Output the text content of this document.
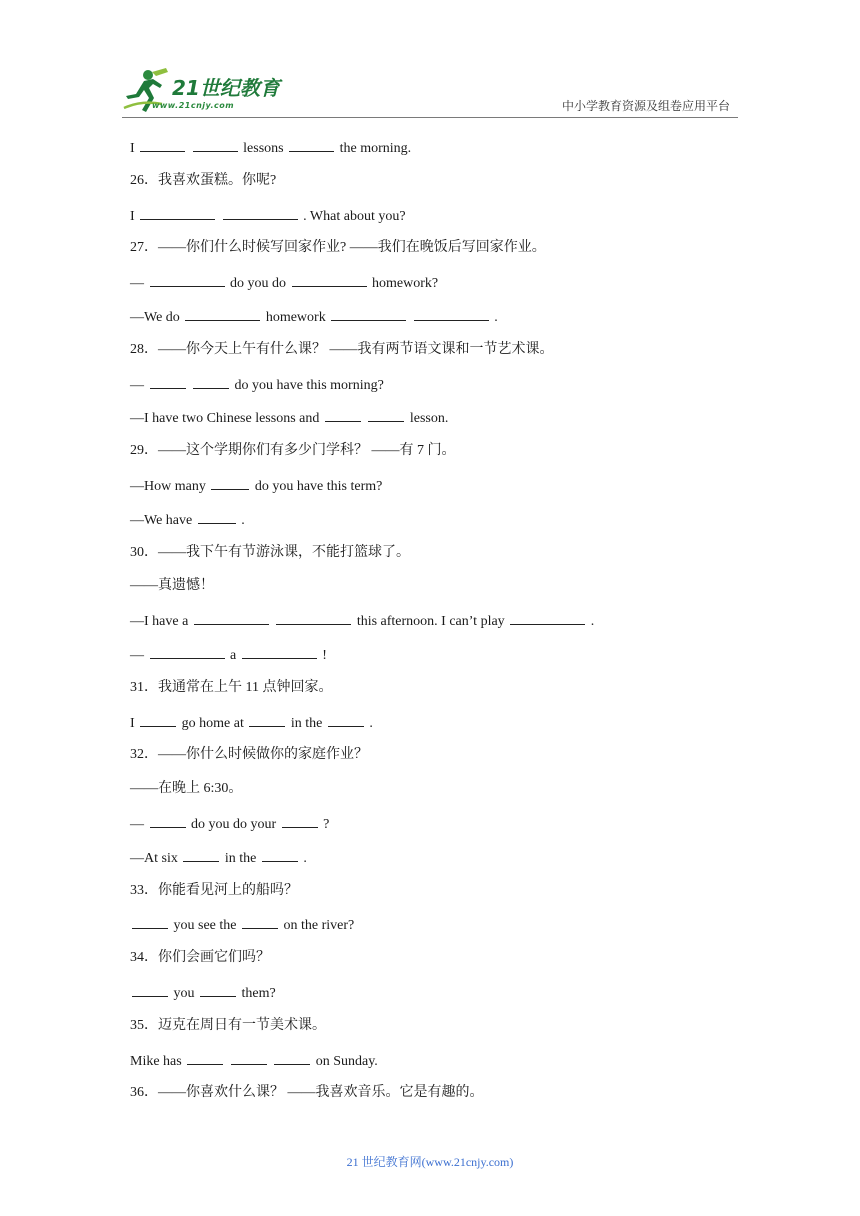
21世纪教育
www.21cnjy.com	中小学教育资源及组卷应用平台
I	lessons	the morning.
26．我喜欢蛋糕。你呢?
I	. What about you?
27．——你们什么时候写回家作业? ——我们在晚饭后写回家作业。
—	do you do	homework?
—We do	homework	.
28．——你今天上午有什么课？ ——我有两节语文课和一节艺术课。
—	do you have this morning?
—I have two Chinese lessons and	lesson.
29．——这个学期你们有多少门学科？ ——有 7 门。
—How many	do you have this term?
—We have	.
30．——我下午有节游泳课，不能打篮球了。
——真遗憾！
—I have a	this afternoon. I can’t play	.
—	a	!
31．我通常在上午 11 点钟回家。
I	go home at	in the	.
32．——你什么时候做你的家庭作业？
——在晚上 6:30。
—	do you do your	?
—At six	in the	.
33．你能看见河上的船吗？
you see the	on the river?
34．你们会画它们吗？
you	them?
35．迈克在周日有一节美术课。
Mike has	on Sunday.
36．——你喜欢什么课？ ——我喜欢音乐。它是有趣的。
21 世纪教育网(www.21cnjy.com)
